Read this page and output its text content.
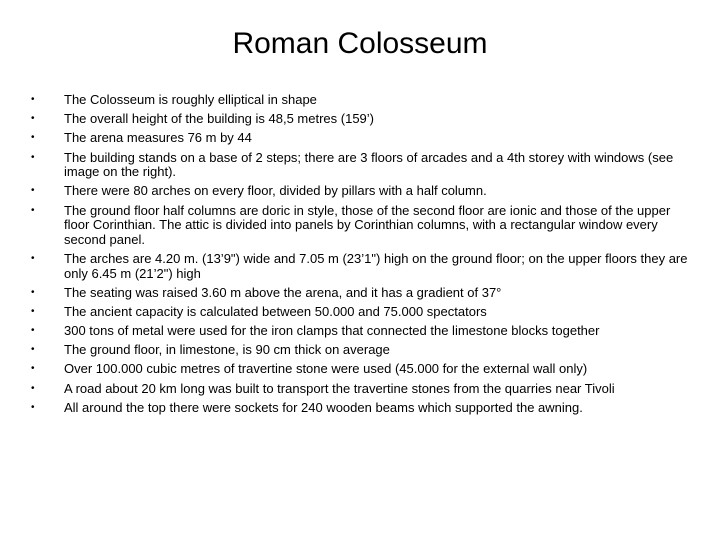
Roman Colosseum
• The Colosseum is roughly elliptical in shape
• The overall height of the building is 48,5 metres (159’)
• The arena measures 76 m by 44
• The building stands on a base of 2 steps; there are 3 floors of arcades and a 4th storey with windows (see image on the right).
• There were 80 arches on every floor, divided by pillars with a half column.
• The ground floor half columns are doric in style, those of the second floor are ionic and those of the upper floor Corinthian. The attic is divided into panels by Corinthian columns, with a rectangular window every second panel.
• The arches are 4.20 m. (13’9") wide and 7.05 m (23’1") high on the ground floor; on the upper floors they are only 6.45 m (21’2") high
• The seating was raised 3.60 m above the arena, and it has a gradient of 37°
• The ancient capacity is calculated between 50.000 and 75.000 spectators
• 300 tons of metal were used for the iron clamps that connected the limestone blocks together
• The ground floor, in limestone, is 90 cm thick on average
• Over 100.000 cubic metres of travertine stone were used (45.000 for the external wall only)
• A road about 20 km long was built to transport the travertine stones from the quarries near Tivoli
• All around the top there were sockets for 240 wooden beams which supported the awning.
